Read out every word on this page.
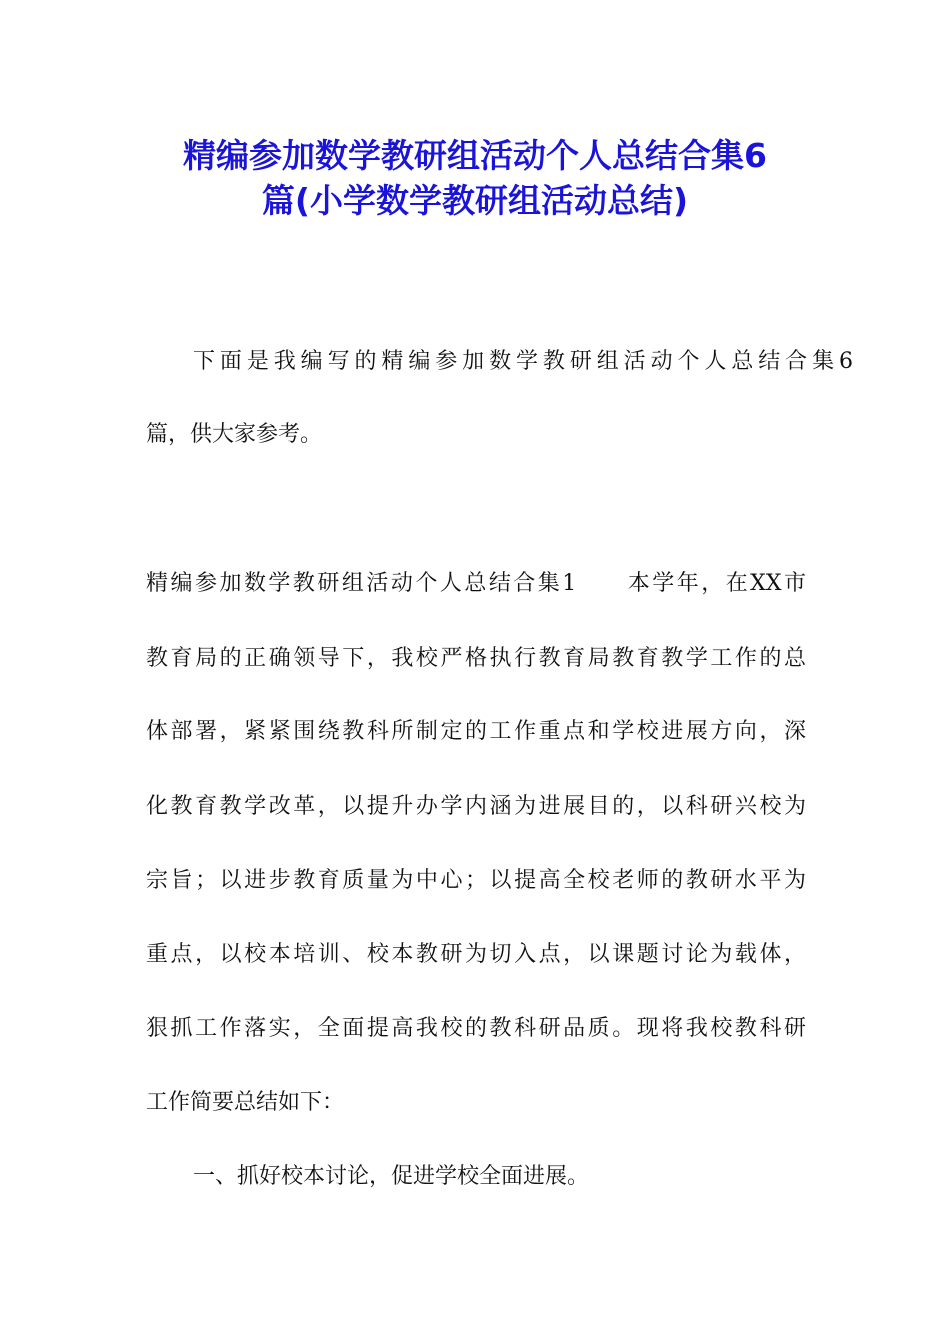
精编参加数学教研组活动个人总结合集6
篇(小学数学教研组活动总结)
下面是我编写的精编参加数学教研组活动个人总结合集6
篇，供大家参考。
精编参加数学教研组活动个人总结合集1　　本学年，在XX市
教育局的正确领导下，我校严格执行教育局教育教学工作的总
体部署，紧紧围绕教科所制定的工作重点和学校进展方向，深
化教育教学改革，以提升办学内涵为进展目的，以科研兴校为
宗旨；以进步教育质量为中心；以提高全校老师的教研水平为
重点，以校本培训、校本教研为切入点，以课题讨论为载体，
狠抓工作落实，全面提高我校的教科研品质。现将我校教科研
工作简要总结如下：
一、抓好校本讨论，促进学校全面进展。
